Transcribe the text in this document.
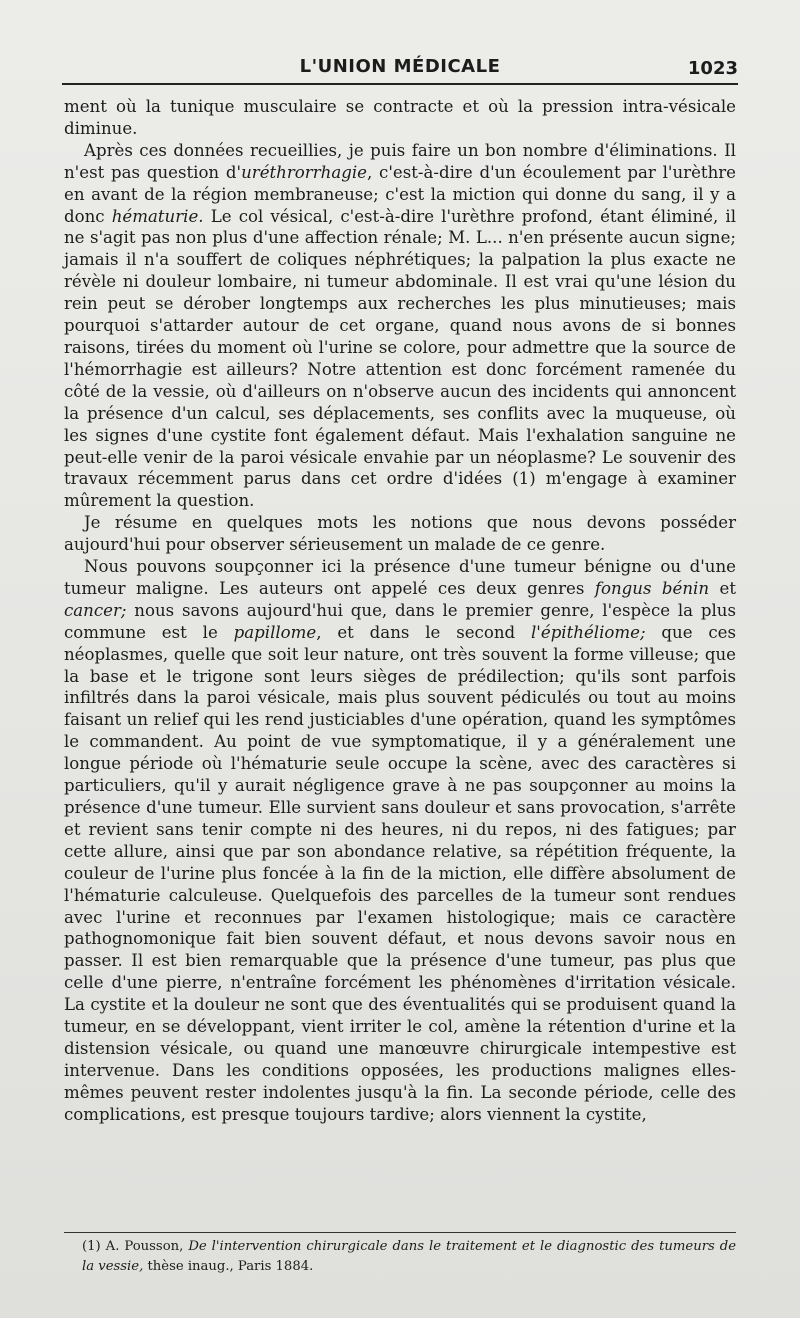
L'UNION MÉDICALE	1023

ment où la tunique musculaire se contracte et où la pression intra-vésicale diminue.

Après ces données recueillies, je puis faire un bon nombre d'éliminations. Il n'est pas question d'uréthrorrhagie, c'est-à-dire d'un écoulement par l'urèthre en avant de la région membraneuse; c'est la miction qui donne du sang, il y a donc hématurie. Le col vésical, c'est-à-dire l'urèthre profond, étant éliminé, il ne s'agit pas non plus d'une affection rénale; M. L... n'en présente aucun signe; jamais il n'a souffert de coliques néphrétiques; la palpation la plus exacte ne révèle ni douleur lombaire, ni tumeur abdominale. Il est vrai qu'une lésion du rein peut se dérober longtemps aux recherches les plus minutieuses; mais pourquoi s'attarder autour de cet organe, quand nous avons de si bonnes raisons, tirées du moment où l'urine se colore, pour admettre que la source de l'hémorrhagie est ailleurs? Notre attention est donc forcément ramenée du côté de la vessie, où d'ailleurs on n'observe aucun des incidents qui annoncent la présence d'un calcul, ses déplacements, ses conflits avec la muqueuse, où les signes d'une cystite font également défaut. Mais l'exhalation sanguine ne peut-elle venir de la paroi vésicale envahie par un néoplasme? Le souvenir des travaux récemment parus dans cet ordre d'idées (1) m'engage à examiner mûrement la question.

Je résume en quelques mots les notions que nous devons posséder aujourd'hui pour observer sérieusement un malade de ce genre.

Nous pouvons soupçonner ici la présence d'une tumeur bénigne ou d'une tumeur maligne. Les auteurs ont appelé ces deux genres fongus bénin et cancer; nous savons aujourd'hui que, dans le premier genre, l'espèce la plus commune est le papillome, et dans le second l'épithéliome; que ces néoplasmes, quelle que soit leur nature, ont très souvent la forme villeuse; que la base et le trigone sont leurs sièges de prédilection; qu'ils sont parfois infiltrés dans la paroi vésicale, mais plus souvent pédiculés ou tout au moins faisant un relief qui les rend justiciables d'une opération, quand les symptômes le commandent. Au point de vue symptomatique, il y a généralement une longue période où l'hématurie seule occupe la scène, avec des caractères si particuliers, qu'il y aurait négligence grave à ne pas soupçonner au moins la présence d'une tumeur. Elle survient sans douleur et sans provocation, s'arrête et revient sans tenir compte ni des heures, ni du repos, ni des fatigues; par cette allure, ainsi que par son abondance relative, sa répétition fréquente, la couleur de l'urine plus foncée à la fin de la miction, elle diffère absolument de l'hématurie calculeuse. Quelquefois des parcelles de la tumeur sont rendues avec l'urine et reconnues par l'examen histologique; mais ce caractère pathognomonique fait bien souvent défaut, et nous devons savoir nous en passer. Il est bien remarquable que la présence d'une tumeur, pas plus que celle d'une pierre, n'entraîne forcément les phénomènes d'irritation vésicale. La cystite et la douleur ne sont que des éventualités qui se produisent quand la tumeur, en se développant, vient irriter le col, amène la rétention d'urine et la distension vésicale, ou quand une manœuvre chirurgicale intempestive est intervenue. Dans les conditions opposées, les productions malignes elles-mêmes peuvent rester indolentes jusqu'à la fin. La seconde période, celle des complications, est presque toujours tardive; alors viennent la cystite,

(1) A. Pousson, De l'intervention chirurgicale dans le traitement et le diagnostic des tumeurs de la vessie, thèse inaug., Paris 1884.
